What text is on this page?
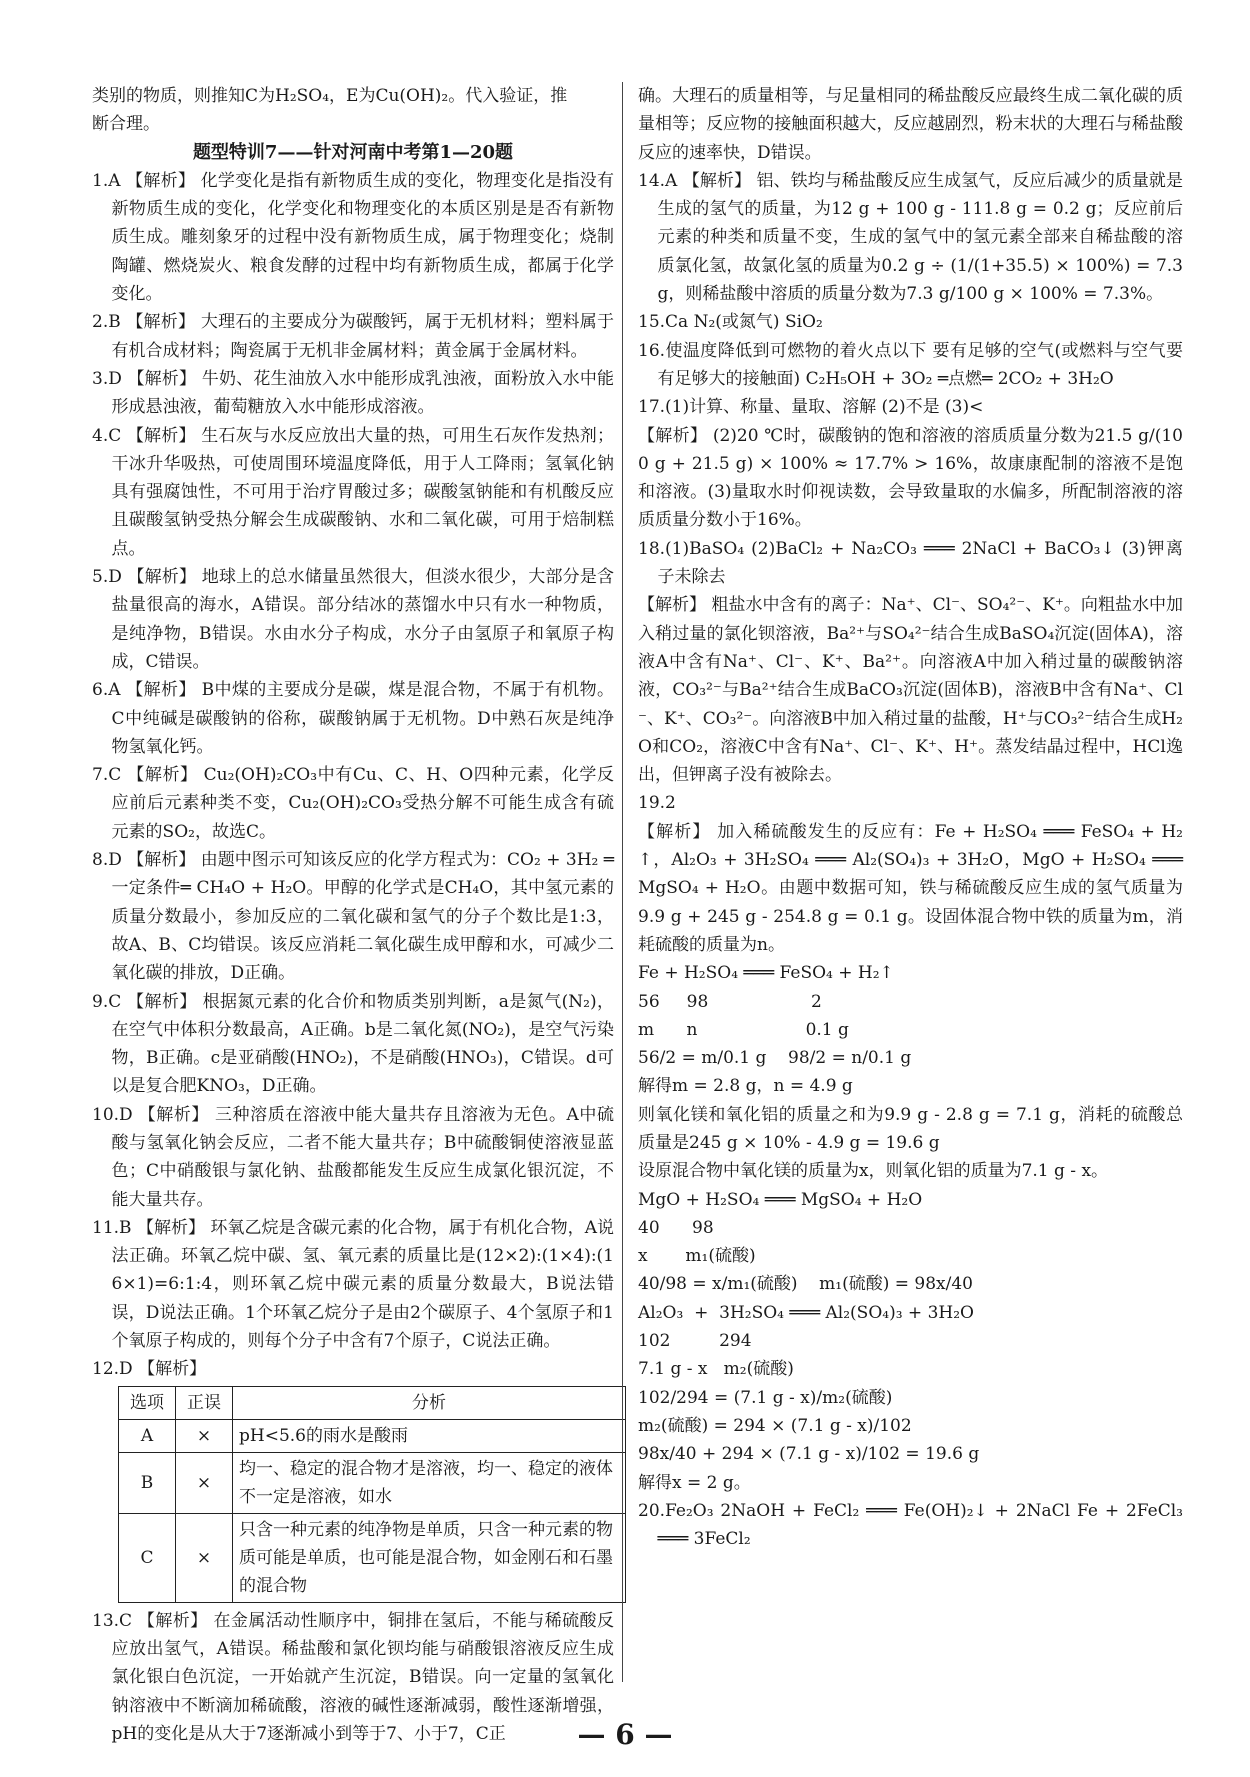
类别的物质，则推知C为H₂SO₄，E为Cu(OH)₂。代入验证，推

断合理。

题型特训7——针对河南中考第1—20题

1.A 【解析】 化学变化是指有新物质生成的变化，物理变化是指没有新物质生成的变化，化学变化和物理变化的本质区别是是否有新物质生成。雕刻象牙的过程中没有新物质生成，属于物理变化；烧制陶罐、燃烧炭火、粮食发酵的过程中均有新物质生成，都属于化学变化。

2.B 【解析】 大理石的主要成分为碳酸钙，属于无机材料；塑料属于有机合成材料；陶瓷属于无机非金属材料；黄金属于金属材料。

3.D 【解析】 牛奶、花生油放入水中能形成乳浊液，面粉放入水中能形成悬浊液，葡萄糖放入水中能形成溶液。

4.C 【解析】 生石灰与水反应放出大量的热，可用生石灰作发热剂；干冰升华吸热，可使周围环境温度降低，用于人工降雨；氢氧化钠具有强腐蚀性，不可用于治疗胃酸过多；碳酸氢钠能和有机酸反应且碳酸氢钠受热分解会生成碳酸钠、水和二氧化碳，可用于焙制糕点。

5.D 【解析】 地球上的总水储量虽然很大，但淡水很少，大部分是含盐量很高的海水，A错误。部分结冰的蒸馏水中只有水一种物质，是纯净物，B错误。水由水分子构成，水分子由氢原子和氧原子构成，C错误。

6.A 【解析】 B中煤的主要成分是碳，煤是混合物，不属于有机物。C中纯碱是碳酸钠的俗称，碳酸钠属于无机物。D中熟石灰是纯净物氢氧化钙。

7.C 【解析】 Cu₂(OH)₂CO₃中有Cu、C、H、O四种元素，化学反应前后元素种类不变，Cu₂(OH)₂CO₃受热分解不可能生成含有硫元素的SO₂，故选C。

8.D 【解析】 由题中图示可知该反应的化学方程式为：CO₂ + 3H₂ ═一定条件═ CH₄O + H₂O。甲醇的化学式是CH₄O，其中氢元素的质量分数最小，参加反应的二氧化碳和氢气的分子个数比是1:3，故A、B、C均错误。该反应消耗二氧化碳生成甲醇和水，可减少二氧化碳的排放，D正确。

9.C 【解析】 根据氮元素的化合价和物质类别判断，a是氮气(N₂)，在空气中体积分数最高，A正确。b是二氧化氮(NO₂)，是空气污染物，B正确。c是亚硝酸(HNO₂)，不是硝酸(HNO₃)，C错误。d可以是复合肥KNO₃，D正确。

10.D 【解析】 三种溶质在溶液中能大量共存且溶液为无色。A中硫酸与氢氧化钠会反应，二者不能大量共存；B中硫酸铜使溶液显蓝色；C中硝酸银与氯化钠、盐酸都能发生反应生成氯化银沉淀，不能大量共存。

11.B 【解析】 环氧乙烷是含碳元素的化合物，属于有机化合物，A说法正确。环氧乙烷中碳、氢、氧元素的质量比是(12×2):(1×4):(16×1)=6:1:4，则环氧乙烷中碳元素的质量分数最大，B说法错误，D说法正确。1个环氧乙烷分子是由2个碳原子、4个氢原子和1个氧原子构成的，则每个分子中含有7个原子，C说法正确。

12.D 【解析】

选项	正误	分析
A	×	pH<5.6的雨水是酸雨
B	×	均一、稳定的混合物才是溶液，均一、稳定的液体不一定是溶液，如水
C	×	只含一种元素的纯净物是单质，只含一种元素的物质可能是单质，也可能是混合物，如金刚石和石墨的混合物

13.C 【解析】 在金属活动性顺序中，铜排在氢后，不能与稀硫酸反应放出氢气，A错误。稀盐酸和氯化钡均能与硝酸银溶液反应生成氯化银白色沉淀，一开始就产生沉淀，B错误。向一定量的氢氧化钠溶液中不断滴加稀硫酸，溶液的碱性逐渐减弱，酸性逐渐增强，pH的变化是从大于7逐渐减小到等于7、小于7，C正

确。大理石的质量相等，与足量相同的稀盐酸反应最终生成二氧化碳的质量相等；反应物的接触面积越大，反应越剧烈，粉末状的大理石与稀盐酸反应的速率快，D错误。

14.A 【解析】 铝、铁均与稀盐酸反应生成氢气，反应后减少的质量就是生成的氢气的质量，为12 g + 100 g - 111.8 g = 0.2 g；反应前后元素的种类和质量不变，生成的氢气中的氢元素全部来自稀盐酸的溶质氯化氢，故氯化氢的质量为0.2 g ÷ (1/(1+35.5) × 100%) = 7.3 g，则稀盐酸中溶质的质量分数为7.3 g/100 g × 100% = 7.3%。

15.Ca N₂(或氮气) SiO₂

16.使温度降低到可燃物的着火点以下 要有足够的空气(或燃料与空气要有足够大的接触面) C₂H₅OH + 3O₂ ═点燃═ 2CO₂ + 3H₂O

17.(1)计算、称量、量取、溶解 (2)不是 (3)<

【解析】 (2)20 ℃时，碳酸钠的饱和溶液的溶质质量分数为21.5 g/(100 g + 21.5 g) × 100% ≈ 17.7% > 16%，故康康配制的溶液不是饱和溶液。(3)量取水时仰视读数，会导致量取的水偏多，所配制溶液的溶质质量分数小于16%。

18.(1)BaSO₄ (2)BaCl₂ + Na₂CO₃ ═══ 2NaCl + BaCO₃↓ (3)钾离子未除去

【解析】 粗盐水中含有的离子：Na⁺、Cl⁻、SO₄²⁻、K⁺。向粗盐水中加入稍过量的氯化钡溶液，Ba²⁺与SO₄²⁻结合生成BaSO₄沉淀(固体A)，溶液A中含有Na⁺、Cl⁻、K⁺、Ba²⁺。向溶液A中加入稍过量的碳酸钠溶液，CO₃²⁻与Ba²⁺结合生成BaCO₃沉淀(固体B)，溶液B中含有Na⁺、Cl⁻、K⁺、CO₃²⁻。向溶液B中加入稍过量的盐酸，H⁺与CO₃²⁻结合生成H₂O和CO₂，溶液C中含有Na⁺、Cl⁻、K⁺、H⁺。蒸发结晶过程中，HCl逸出，但钾离子没有被除去。

19.2

【解析】 加入稀硫酸发生的反应有：Fe + H₂SO₄ ═══ FeSO₄ + H₂↑，Al₂O₃ + 3H₂SO₄ ═══ Al₂(SO₄)₃ + 3H₂O，MgO + H₂SO₄ ═══ MgSO₄ + H₂O。由题中数据可知，铁与稀硫酸反应生成的氢气质量为9.9 g + 245 g - 254.8 g = 0.1 g。设固体混合物中铁的质量为m，消耗硫酸的质量为n。

Fe + H₂SO₄ ═══ FeSO₄ + H₂↑

56     98                   2

m      n                    0.1 g

56/2 = m/0.1 g    98/2 = n/0.1 g

解得m = 2.8 g，n = 4.9 g

则氧化镁和氧化铝的质量之和为9.9 g - 2.8 g = 7.1 g，消耗的硫酸总质量是245 g × 10% - 4.9 g = 19.6 g

设原混合物中氧化镁的质量为x，则氧化铝的质量为7.1 g - x。

MgO + H₂SO₄ ═══ MgSO₄ + H₂O

40      98

x       m₁(硫酸)

40/98 = x/m₁(硫酸)    m₁(硫酸) = 98x/40

Al₂O₃  +  3H₂SO₄ ═══ Al₂(SO₄)₃ + 3H₂O

102         294

7.1 g - x   m₂(硫酸)

102/294 = (7.1 g - x)/m₂(硫酸)

m₂(硫酸) = 294 × (7.1 g - x)/102

98x/40 + 294 × (7.1 g - x)/102 = 19.6 g

解得x = 2 g。

20.Fe₂O₃ 2NaOH + FeCl₂ ═══ Fe(OH)₂↓ + 2NaCl Fe + 2FeCl₃ ═══ 3FeCl₂

— 6 —
